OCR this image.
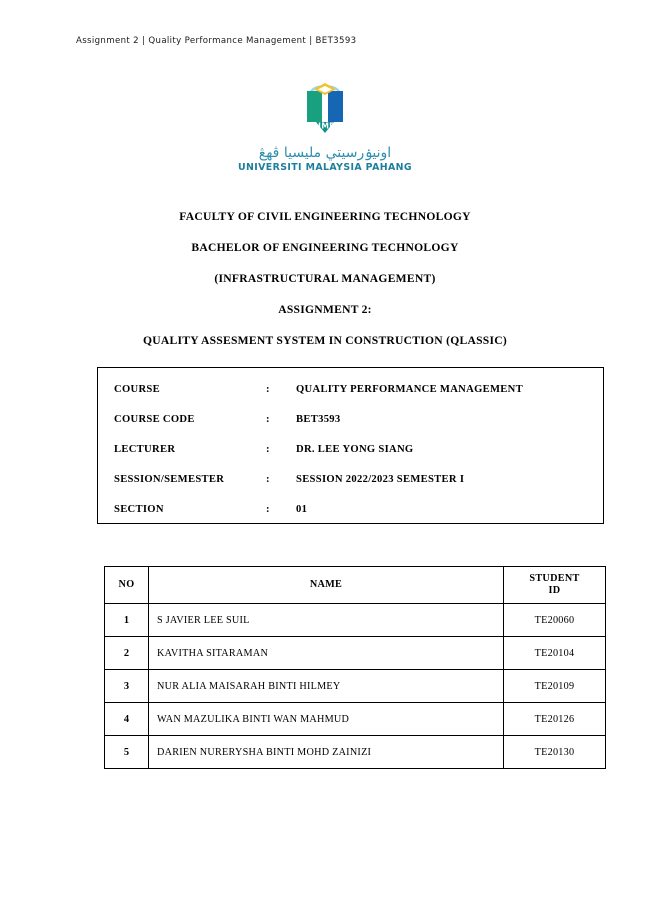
Assignment 2 | Quality Performance Management | BET3593
UMP
اونيۏرسيتي مليسيا ڤهڠ
UNIVERSITI MALAYSIA PAHANG
FACULTY OF CIVIL ENGINEERING TECHNOLOGY
BACHELOR OF ENGINEERING TECHNOLOGY
(INFRASTRUCTURAL MANAGEMENT)
ASSIGNMENT 2:
QUALITY ASSESMENT SYSTEM IN CONSTRUCTION (QLASSIC)
COURSE	:	QUALITY PERFORMANCE MANAGEMENT
COURSE CODE	:	BET3593
LECTURER	:	DR. LEE YONG SIANG
SESSION/SEMESTER	:	SESSION 2022/2023 SEMESTER I
SECTION	:	01
NO	NAME	STUDENT
ID
1	S JAVIER LEE SUIL	TE20060
2	KAVITHA SITARAMAN	TE20104
3	NUR ALIA MAISARAH BINTI HILMEY	TE20109
4	WAN MAZULIKA BINTI WAN MAHMUD	TE20126
5	DARIEN NURERYSHA BINTI MOHD ZAINIZI	TE20130
